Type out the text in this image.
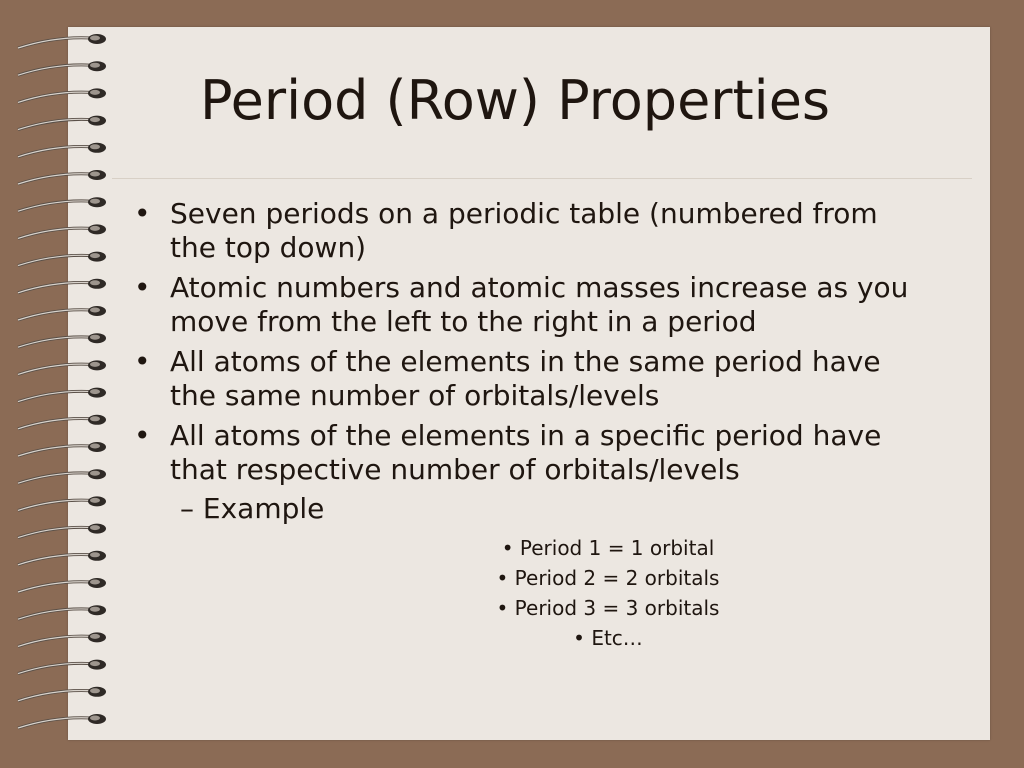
Period (Row) Properties
• Seven periods on a periodic table (numbered from the top down)
• Atomic numbers and atomic masses increase as you move from the left to the right in a period
• All atoms of the elements in the same period have the same number of orbitals/levels
• All atoms of the elements in a specific period have that respective number of orbitals/levels
– Example
• Period 1 = 1 orbital
• Period 2 = 2 orbitals
• Period 3 = 3 orbitals
• Etc…
